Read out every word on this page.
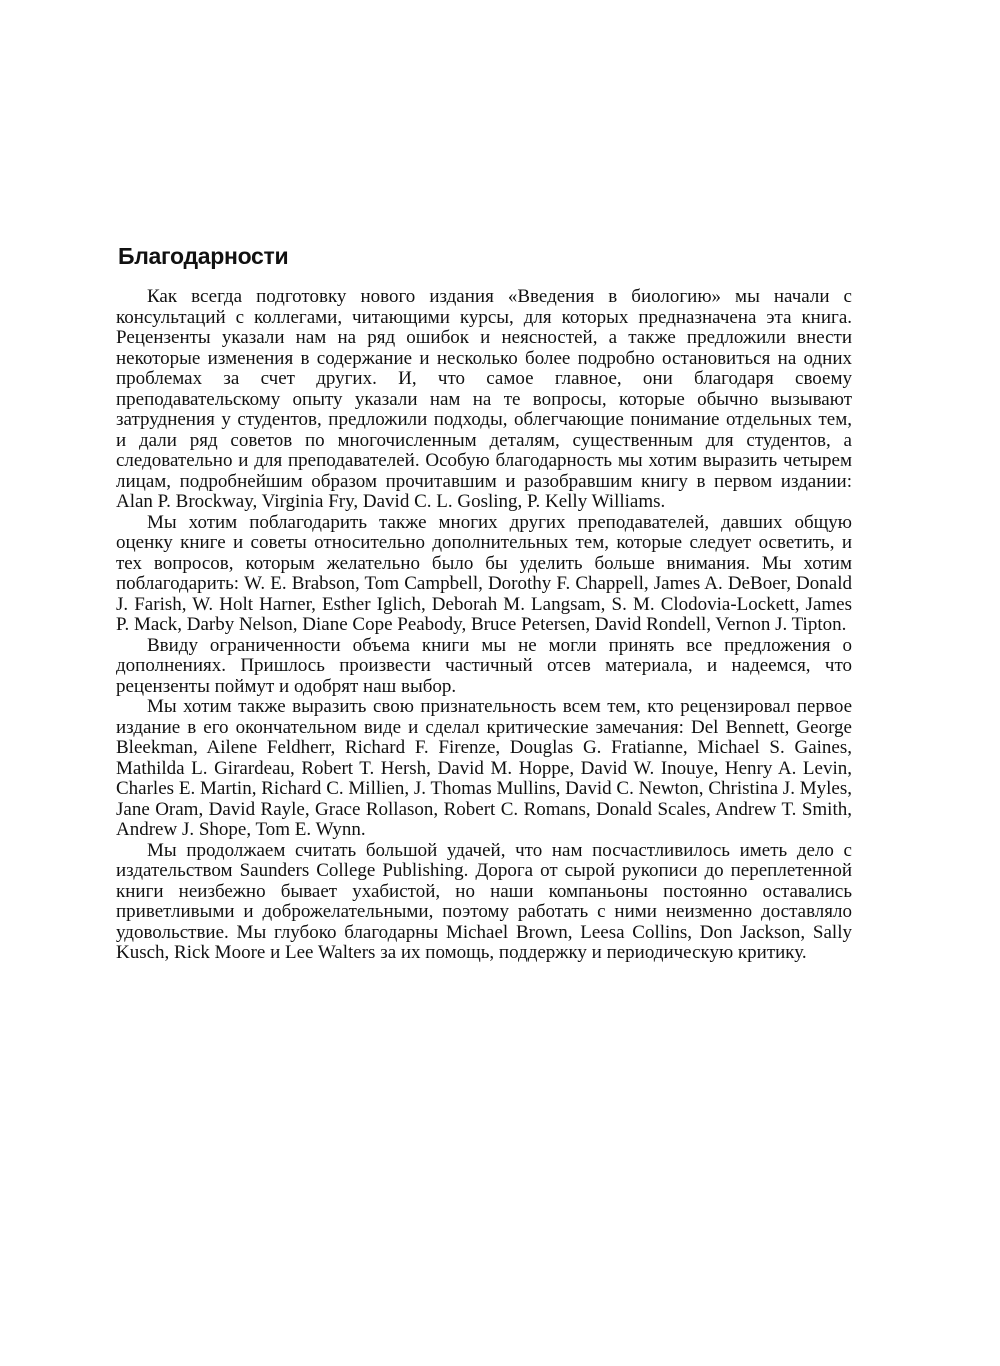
Благодарности

Как всегда подготовку нового издания «Введения в биологию» мы начали с консультаций с коллегами, читающими курсы, для которых предназначена эта книга. Рецензенты указали нам на ряд ошибок и неясностей, а также предложили внести некоторые изменения в содержание и несколько более подробно остановиться на одних проблемах за счет других. И, что самое главное, они благодаря своему преподавательскому опыту указали нам на те вопросы, которые обычно вызывают затруднения у студентов, предложили подходы, облегчающие понимание отдельных тем, и дали ряд советов по многочисленным деталям, существенным для студентов, а следовательно и для преподавателей. Особую благодарность мы хотим выразить четырем лицам, подробнейшим образом прочитавшим и разобравшим книгу в первом издании: Alan P. Brockway, Virginia Fry, David C. L. Gosling, P. Kelly Williams.

Мы хотим поблагодарить также многих других преподавателей, давших общую оценку книге и советы относительно дополнительных тем, которые следует осветить, и тех вопросов, которым желательно было бы уделить больше внимания. Мы хотим поблагодарить: W. E. Brabson, Tom Campbell, Dorothy F. Chappell, James A. DeBoer, Donald J. Farish, W. Holt Harner, Esther Iglich, Deborah M. Langsam, S. M. Clodovia-Lockett, James P. Mack, Darby Nelson, Diane Cope Peabody, Bruce Petersen, David Rondell, Vernon J. Tipton.

Ввиду ограниченности объема книги мы не могли принять все предложения о дополнениях. Пришлось произвести частичный отсев материала, и надеемся, что рецензенты поймут и одобрят наш выбор.

Мы хотим также выразить свою признательность всем тем, кто рецензировал первое издание в его окончательном виде и сделал критические замечания: Del Bennett, George Bleekman, Ailene Feldherr, Richard F. Firenze, Douglas G. Fratianne, Michael S. Gaines, Mathilda L. Girardeau, Robert T. Hersh, David M. Hoppe, David W. Inouye, Henry A. Levin, Charles E. Martin, Richard C. Millien, J. Thomas Mullins, David C. Newton, Christina J. Myles, Jane Oram, David Rayle, Grace Rollason, Robert C. Romans, Donald Scales, Andrew T. Smith, Andrew J. Shope, Tom E. Wynn.

Мы продолжаем считать большой удачей, что нам посчастливилось иметь дело с издательством Saunders College Publishing. Дорога от сырой рукописи до переплетенной книги неизбежно бывает ухабистой, но наши компаньоны постоянно оставались приветливыми и доброжелательными, поэтому работать с ними неизменно доставляло удовольствие. Мы глубоко благодарны Michael Brown, Leesa Collins, Don Jackson, Sally Kusch, Rick Moore и Lee Walters за их помощь, поддержку и периодическую критику.
